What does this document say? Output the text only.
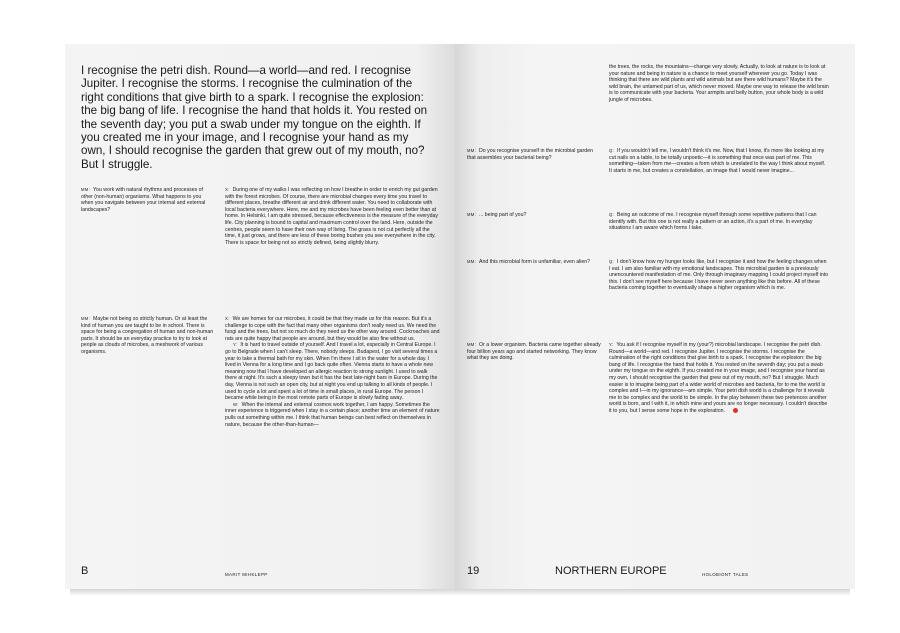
I recognise the petri dish. Round—a world—and red. I recognise Jupiter. I recognise the storms. I recognise the culmination of the right conditions that give birth to a spark. I recognise the explosion: the big bang of life. I recognise the hand that holds it. You rested on the seventh day; you put a swab under my tongue on the eighth. If you created me in your image, and I recognise your hand as my own, I should recognise the garden that grew out of my mouth, no? But I struggle.

MM: You work with natural rhythms and processes of other (non-human) organisms. What happens to you when you navigate between your internal and external landscapes?

X: During one of my walks I was reflecting on how I breathe in order to enrich my gut garden with the forest microbes. Of course, there are microbial changes every time you travel to different places, breathe different air and drink different water. You need to collaborate with local bacteria everywhere. Here, me and my microbes have been feeling even better than at home. In Helsinki, I am quite stressed, because effectiveness is the measure of the everyday life. City planning is bound to capital and maximum control over the land. Here, outside the centres, people seem to have their own way of living. The grass is not cut perfectly all the time, it just grows, and there are less of these boring bushes you see everywhere in the city. There is space for being not so strictly defined, being slightly blurry.

MM: Maybe not being so strictly human. Or at least the kind of human you are taught to be in school. There is space for being a congregation of human and non-human parts. It should be an everyday practice to try to look at people as clouds of microbes, a meshwork of various organisms.

X: We are homes for our microbes, it could be that they made us for this reason. But it's a challenge to cope with the fact that many other organisms don't really need us. We need the fungi and the trees, but not so much do they need us the other way around. Cockroaches and rats are quite happy that people are around, but they would be also fine without us.

Y: It is hard to travel outside of yourself. And I travel a lot, especially in Central Europe. I go to Belgrade when I can't sleep. There, nobody sleeps. Budapest, I go visit several times a year to take a thermal bath for my skin. When I'm there I sit in the water for a whole day. I lived in Vienna for a long time and I go back quite often. Vienna starts to have a whole new meaning now that I have developed an allergic reaction to strong sunlight. I used to walk there at night. It's such a sleepy town but it has the best late-night bars in Europe. During the day, Vienna is not such an open city, but at night you end up talking to all kinds of people. I used to cycle a lot and spent a lot of time in small places, in rural Europe. The person I became while being in the most remote parts of Europe is slowly fading away.

W: When the internal and external cosmos work together, I am happy. Sometimes the inner experience is triggered when I stay in a certain place; another time an element of nature pulls out something within me. I think that human beings can best reflect on themselves in nature, because the other-than-human—

B	MARIT MIHKLEPP

the trees, the rocks, the mountains—change very slowly. Actually, to look at nature is to look at your nature and being in nature is a chance to meet yourself wherever you go. Today I was thinking that there are wild plants and wild animals but are there wild humans? Maybe it's the wild brain, the untamed part of us, which never moved. Maybe one way to release the wild brain is to communicate with your bacteria. Your armpits and belly button, your whole body is a wild jungle of microbes.

MM: Do you recognise yourself in the microbial garden that assembles your bacterial being?

Q: If you wouldn't tell me, I wouldn't think it's me. Now, that I know, it's more like looking at my cut nails on a table, to be totally unpoetic—it is something that once was part of me. This something—taken from me—creates a form which is unrelated to the way I think about myself. It starts in me, but creates a constellation, an image that I would never imagine...

MM: ... being part of you?	Q: Being an outcome of me. I recognise myself through some repetitive patterns that I can identify with. But this one is not really a pattern or an action, it's a part of me. In everyday situations I am aware which forms I take.

MM: And this microbial form is unfamiliar, even alien?	Q: I don't know how my hunger looks like, but I recognise it and how the feeling changes when I eat. I am also familiar with my emotional landscapes. This microbial garden is a previously unencountered manifestation of me. Only through imaginary mapping I could project myself into this. I don't see myself here because I have never seen anything like this before. All of these bacteria coming together to eventually shape a higher organism which is me.

MM: Or a lower organism. Bacteria came together already four billion years ago and started networking. They know what they are doing.

Y: You ask if I recognise myself in my (your?) microbial landscape. I recognise the petri dish. Round—a world—and red. I recognise Jupiter. I recognise the storms. I recognise the culmination of the right conditions that give birth to a spark. I recognise the explosion: the big bang of life. I recognise the hand that holds it. You rested on the seventh day; you put a swab under my tongue on the eighth. If you created me in your image, and I recognise your hand as my own, I should recognise the garden that grew out of my mouth, no? But I struggle. Much easier is to imagine being part of a wider world of microbes and bacteria, for to me the world is complex and I—in my ignorance—am simple. Your petri dish world is a challenge for it reveals me to be complex and the world to be simple. In the play between these two pretences another world is born, and I with it, in which mine and yours are no longer necessary. I couldn't describe it to you, but I sense some hope in the exploration.

19	NORTHERN EUROPE	HOLOBIONT TALES
